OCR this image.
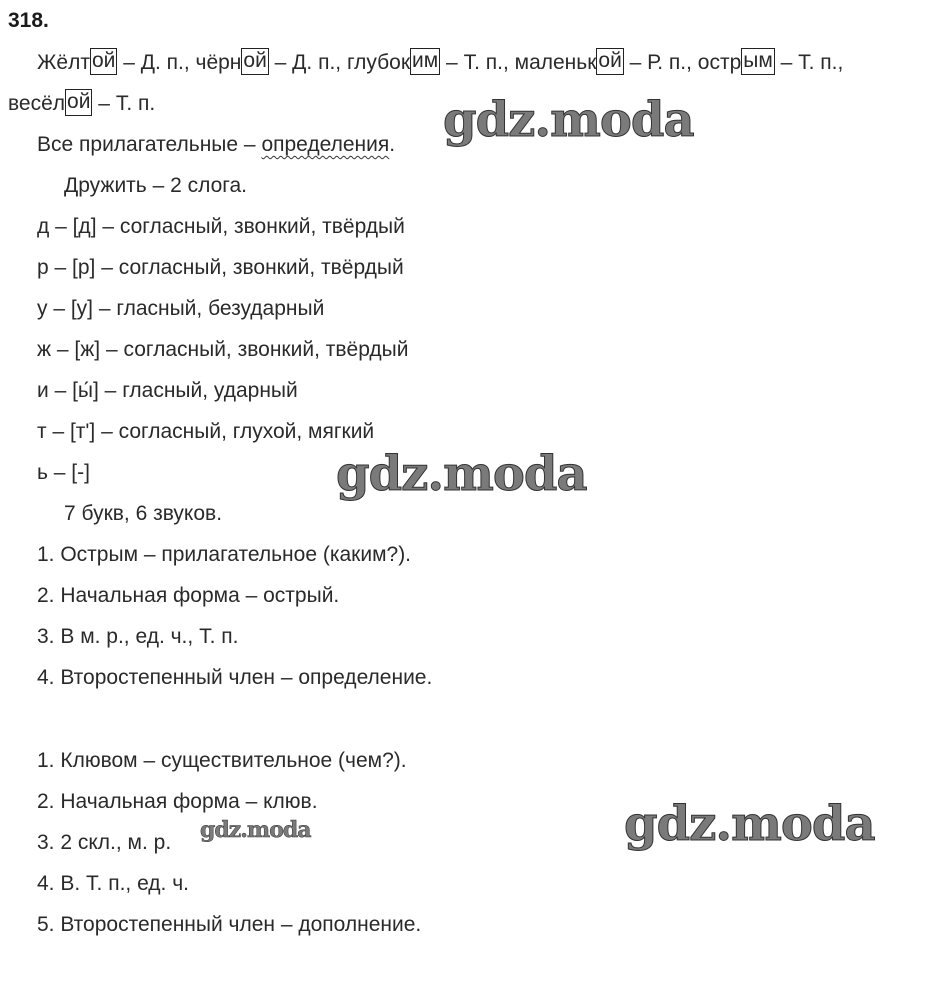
318.
Жёлтой – Д. п., чёрной – Д. п., глубоким – Т. п., маленькой – Р. п., острым – Т. п.,
весёлой – Т. п.
Все прилагательные – определения.
Дружить – 2 слога.
д – [д] – согласный, звонкий, твёрдый
р – [р] – согласный, звонкий, твёрдый
у – [у] – гласный, безударный
ж – [ж] – согласный, звонкий, твёрдый
и – [ы́] – гласный, ударный
т – [т'] – согласный, глухой, мягкий
ь – [-]
7 букв, 6 звуков.
1. Острым – прилагательное (каким?).
2. Начальная форма – острый.
3. В м. р., ед. ч., Т. п.
4. Второстепенный член – определение.
1. Клювом – существительное (чем?).
2. Начальная форма – клюв.
3. 2 скл., м. р.
4. В. Т. п., ед. ч.
5. Второстепенный член – дополнение.
gdz.moda
gdz.moda
gdz.moda
gdz.moda
